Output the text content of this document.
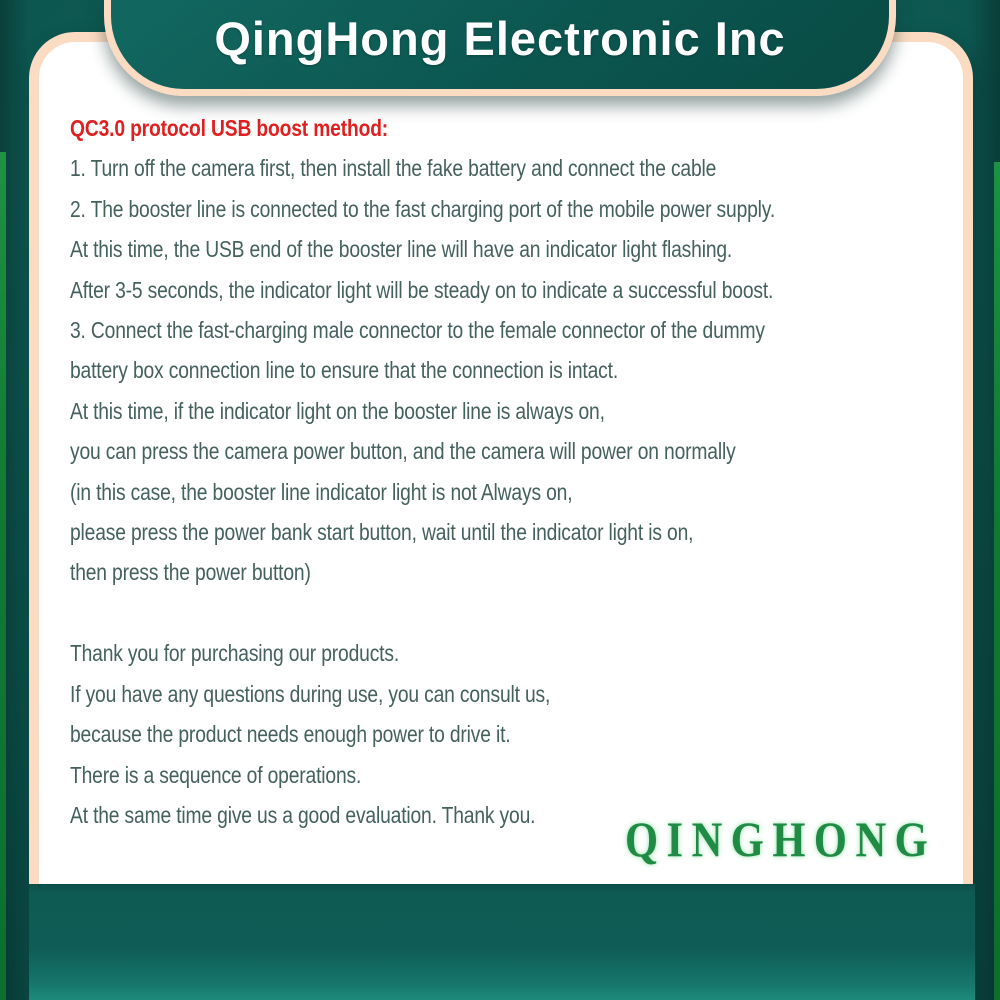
QC3.0 protocol USB boost method:
1. Turn off the camera first, then install the fake battery and connect the cable
2. The booster line is connected to the fast charging port of the mobile power supply.
At this time, the USB end of the booster line will have an indicator light flashing.
After 3-5 seconds, the indicator light will be steady on to indicate a successful boost.
3. Connect the fast-charging male connector to the female connector of the dummy
battery box connection line to ensure that the connection is intact.
At this time, if the indicator light on the booster line is always on,
you can press the camera power button, and the camera will power on normally
(in this case, the booster line indicator light is not Always on,
please press the power bank start button, wait until the indicator light is on,
then press the power button)

Thank you for purchasing our products.
If you have any questions during use, you can consult us,
because the product needs enough power to drive it.
There is a sequence of operations.
At the same time give us a good evaluation. Thank you.	QINGHONG
QingHong Electronic Inc
